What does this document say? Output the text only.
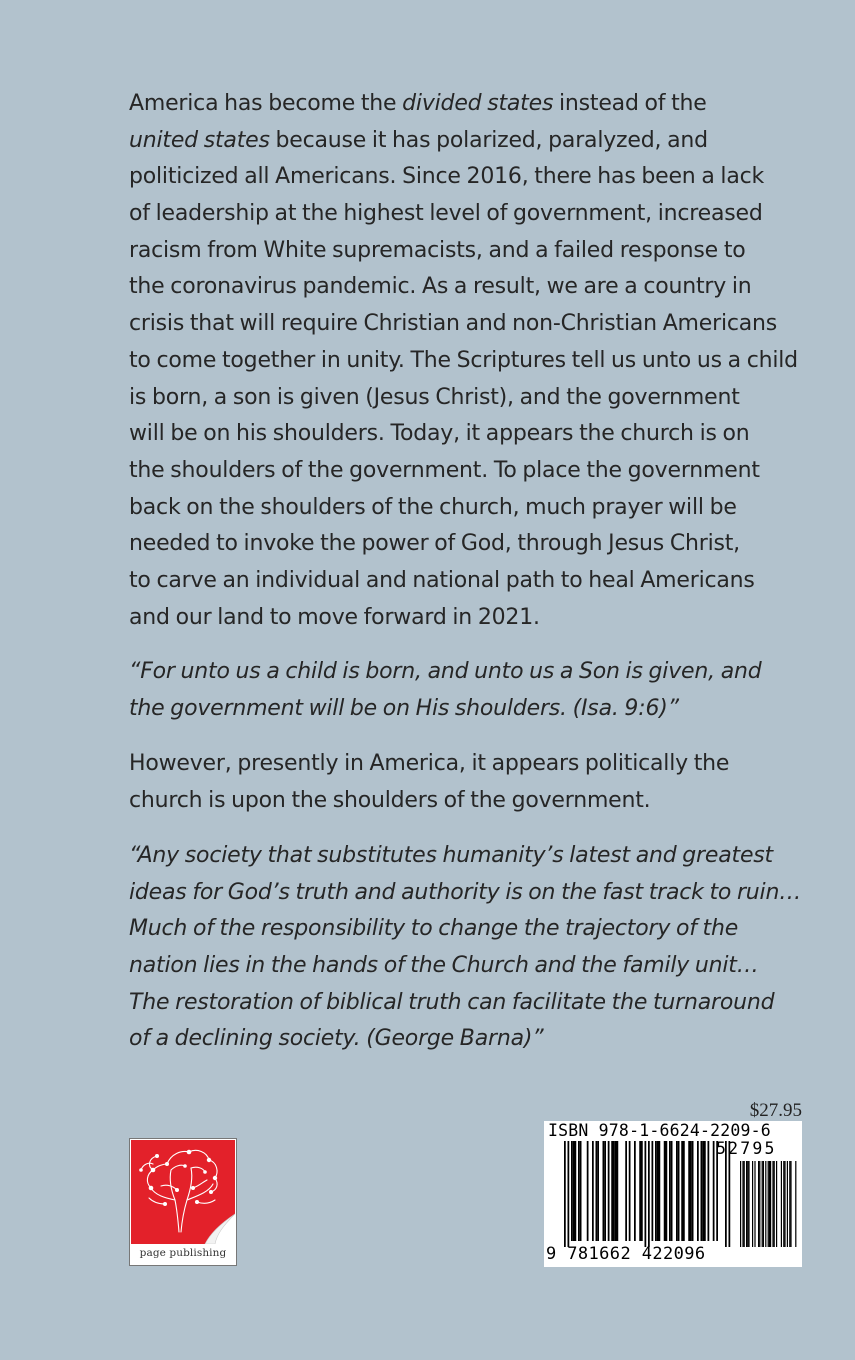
America has become the divided states instead of the
united states because it has polarized, paralyzed, and
politicized all Americans. Since 2016, there has been a lack
of leadership at the highest level of government, increased
racism from White supremacists, and a failed response to
the coronavirus pandemic. As a result, we are a country in
crisis that will require Christian and non-Christian Americans
to come together in unity. The Scriptures tell us unto us a child
is born, a son is given (Jesus Christ), and the government
will be on his shoulders. Today, it appears the church is on
the shoulders of the government. To place the government
back on the shoulders of the church, much prayer will be
needed to invoke the power of God, through Jesus Christ,
to carve an individual and national path to heal Americans
and our land to move forward in 2021.
“For unto us a child is born, and unto us a Son is given, and
the government will be on His shoulders. (Isa. 9:6)”
However, presently in America, it appears politically the
church is upon the shoulders of the government.
“Any society that substitutes humanity’s latest and greatest
ideas for God’s truth and authority is on the fast track to ruin…
Much of the responsibility to change the trajectory of the
nation lies in the hands of the Church and the family unit…
The restoration of biblical truth can facilitate the turnaround
of a declining society. (George Barna)”
page publishing
$27.95
ISBN 978-1-6624-2209-6
52795
9 781662 422096
